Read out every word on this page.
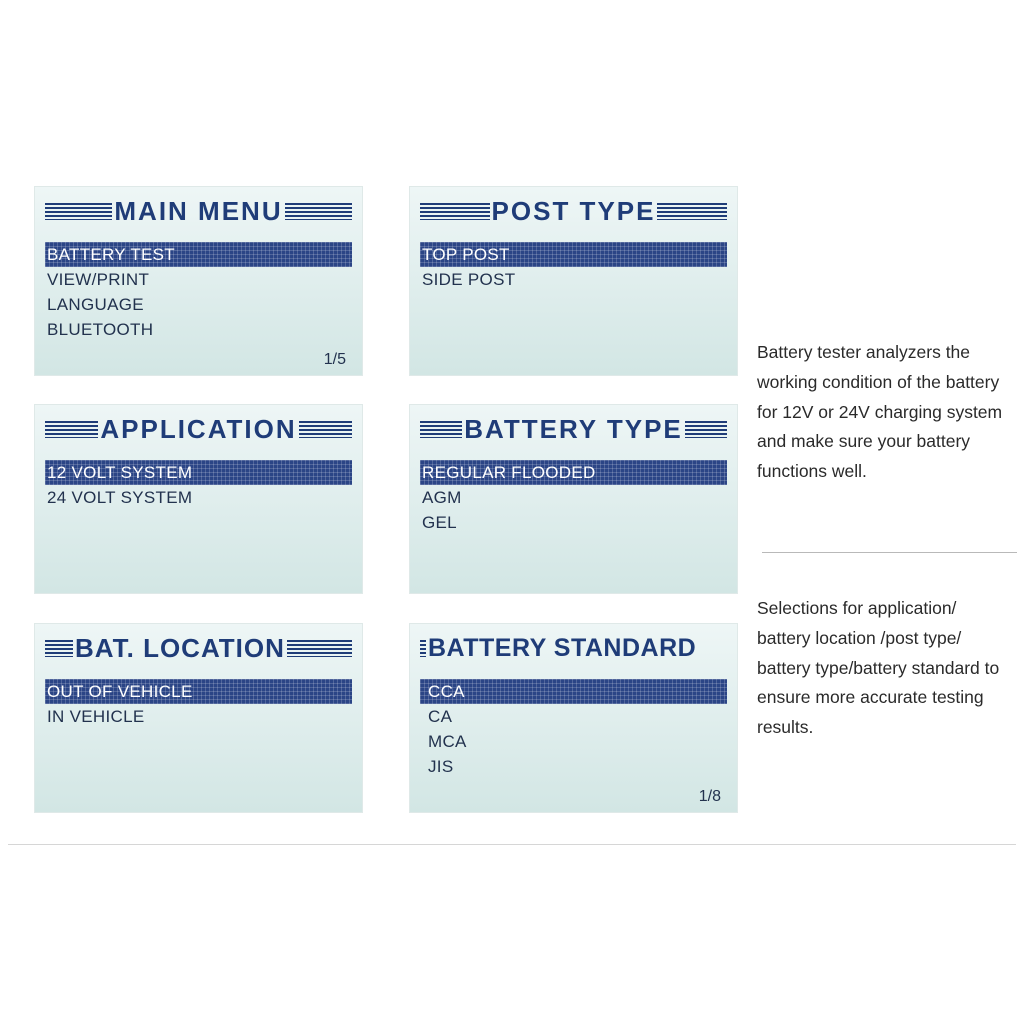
MAIN MENU
BATTERY TEST
VIEW/PRINT
LANGUAGE
BLUETOOTH
1/5
POST TYPE
TOP POST
SIDE POST
APPLICATION
12 VOLT SYSTEM
24 VOLT SYSTEM
BATTERY TYPE
REGULAR FLOODED
AGM
GEL
BAT. LOCATION
OUT OF VEHICLE
IN VEHICLE
BATTERY STANDARD
CCA
CA
MCA
JIS
1/8

Battery tester analyzers the working condition of the battery for 12V or 24V charging system and make sure your battery functions well.

Selections for application/ battery location /post type/ battery type/battery standard to ensure more accurate testing results.
